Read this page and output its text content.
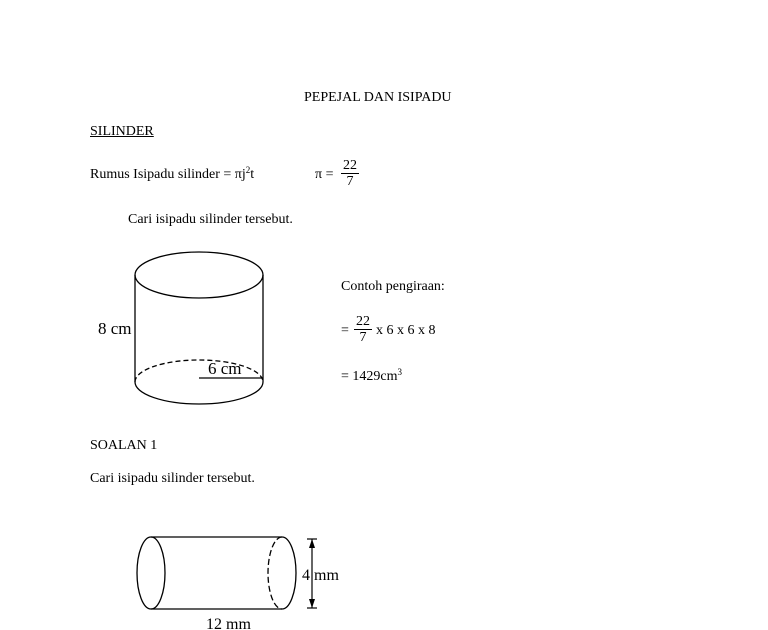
PEPEJAL DAN ISIPADU
SILINDER
Rumus Isipadu silinder = $\pi j^2t$	$\pi = \frac{22}{7}$
Cari isipadu silinder tersebut.
8 cm
6 cm
Contoh pengiraan:
= $\frac{22}{7}$ x 6 x 6 x 8
= $1429cm^3$
SOALAN 1
Cari isipadu silinder tersebut.
4 mm
12 mm
